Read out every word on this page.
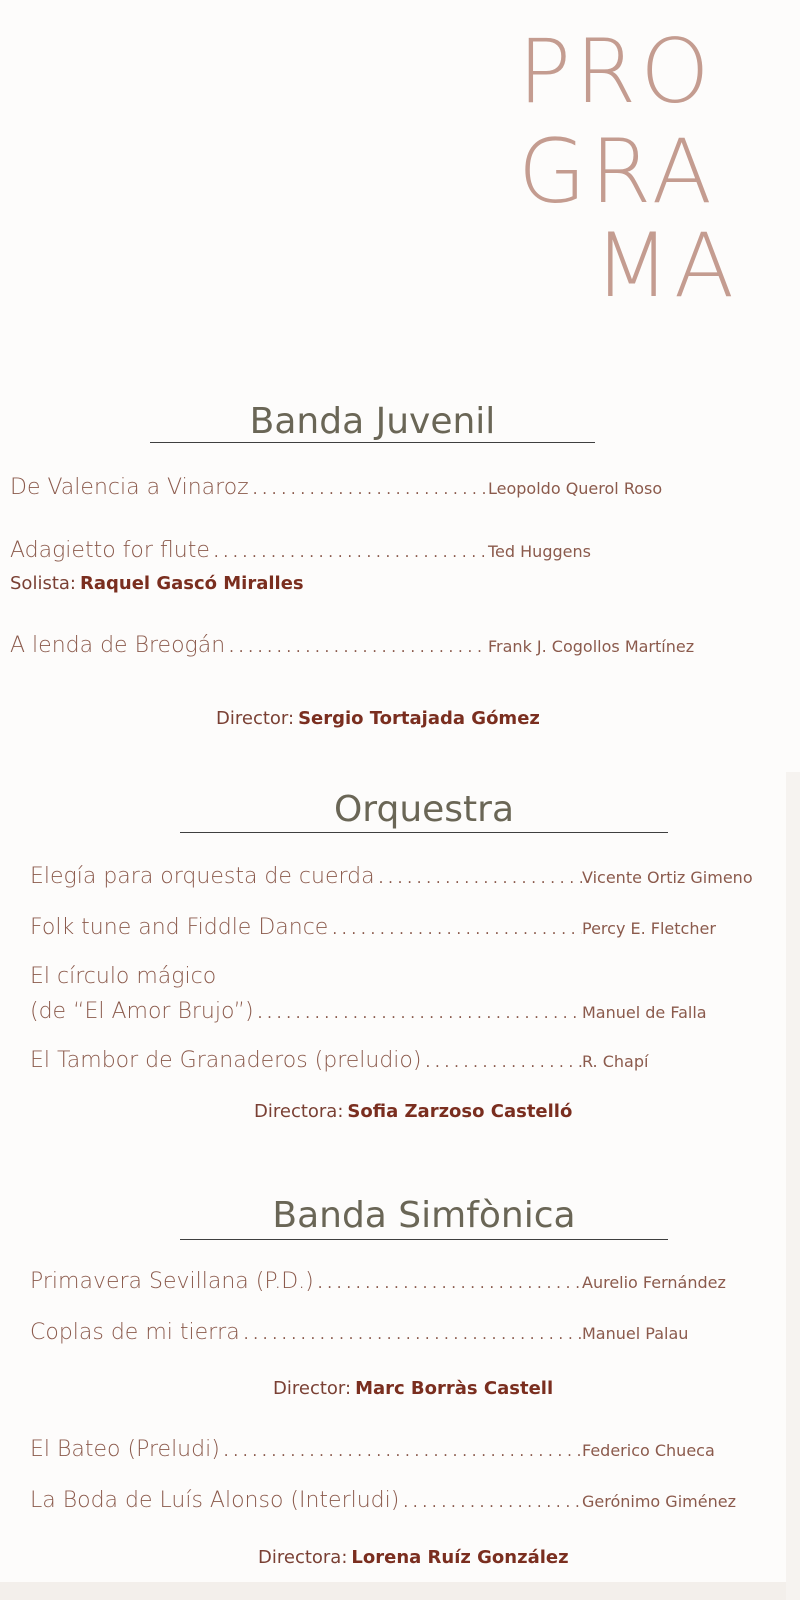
PRO
GRA
MA
Banda Juvenil
De Valencia a Vinaroz . . .	Leopoldo Querol Roso
Adagietto for flute . . .	Ted Huggens
Solista: Raquel Gascó Miralles
A lenda de Breogán . . .	Frank J. Cogollos Martínez
Director: Sergio Tortajada Gómez
Orquestra
Elegía para orquesta de cuerda . . .	Vicente Ortiz Gimeno
Folk tune and Fiddle Dance . . .	Percy E. Fletcher
El círculo mágico
(de “El Amor Brujo”) . . .	Manuel de Falla
El Tambor de Granaderos (preludio) . . .	R. Chapí
Directora: Sofia Zarzoso Castelló
Banda Simfònica
Primavera Sevillana (P.D.) . . .	Aurelio Fernández
Coplas de mi tierra . . .	Manuel Palau
Director: Marc Borràs Castell
El Bateo (Preludi) . . .	Federico Chueca
La Boda de Luís Alonso (Interludi) . . .	Gerónimo Giménez
Directora: Lorena Ruíz González
